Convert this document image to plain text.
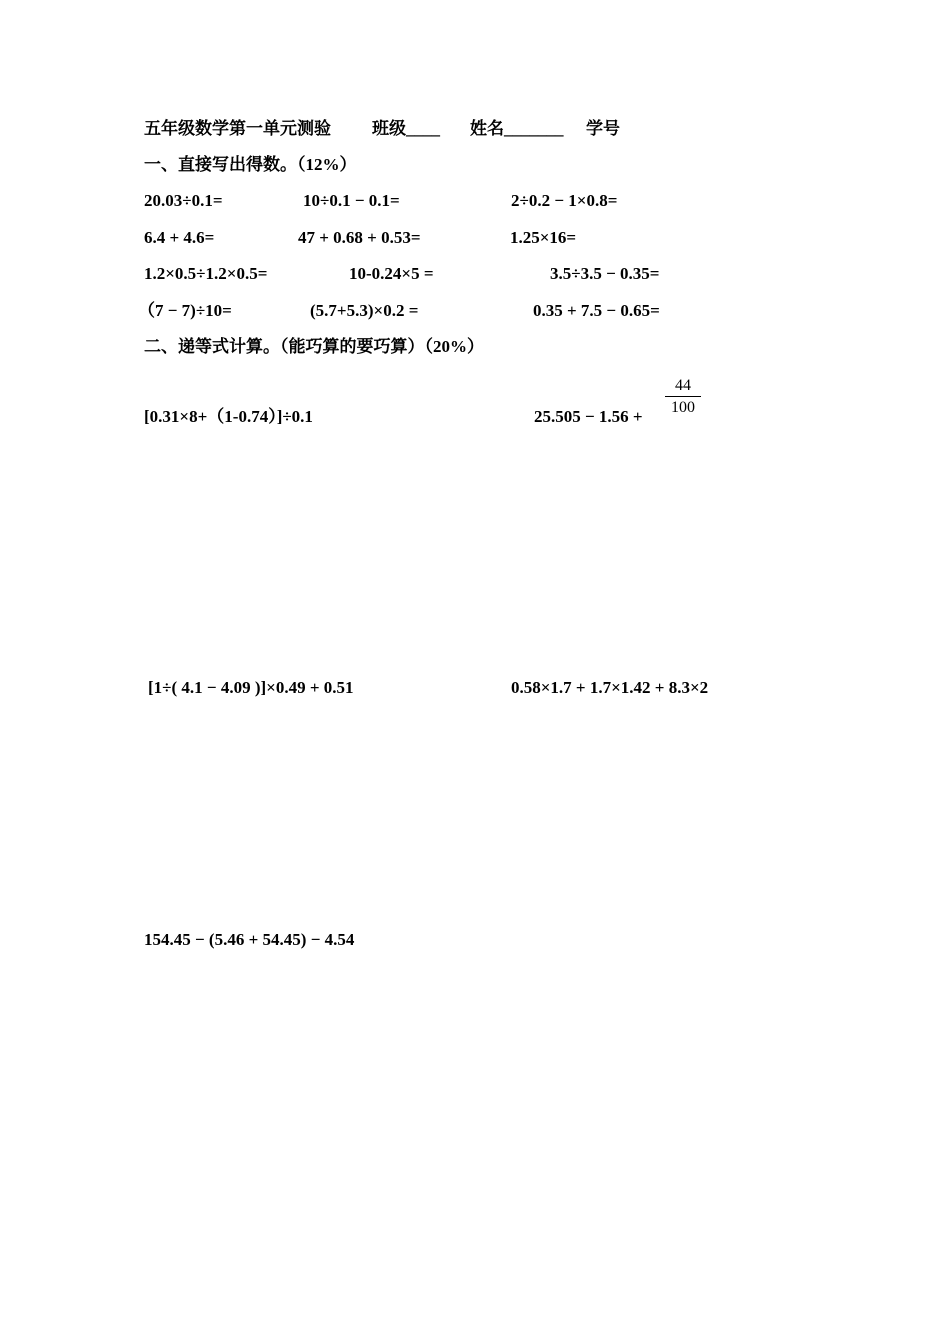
五年级数学第一单元测验 班级____ 姓名_______ 学号
一、直接写出得数。（12%）
20.03÷0.1=	10÷0.1 − 0.1=	2÷0.2 − 1×0.8=
6.4 + 4.6=	47 + 0.68 + 0.53=	1.25×16=
1.2×0.5÷1.2×0.5=	10-0.24×5 =	3.5÷3.5 − 0.35=
（7 − 7)÷10=	(5.7+5.3)×0.2 =	0.35 + 7.5 − 0.65=
二、递等式计算。（能巧算的要巧算）（20%）
[0.31×8+（1-0.74）]÷0.1	$25.505 - 1.56 + \frac{44}{100}$
[1÷( 4.1 − 4.09 )]×0.49 + 0.51	0.58×1.7 + 1.7×1.42 + 8.3×2
154.45 − (5.46 + 54.45) − 4.54
